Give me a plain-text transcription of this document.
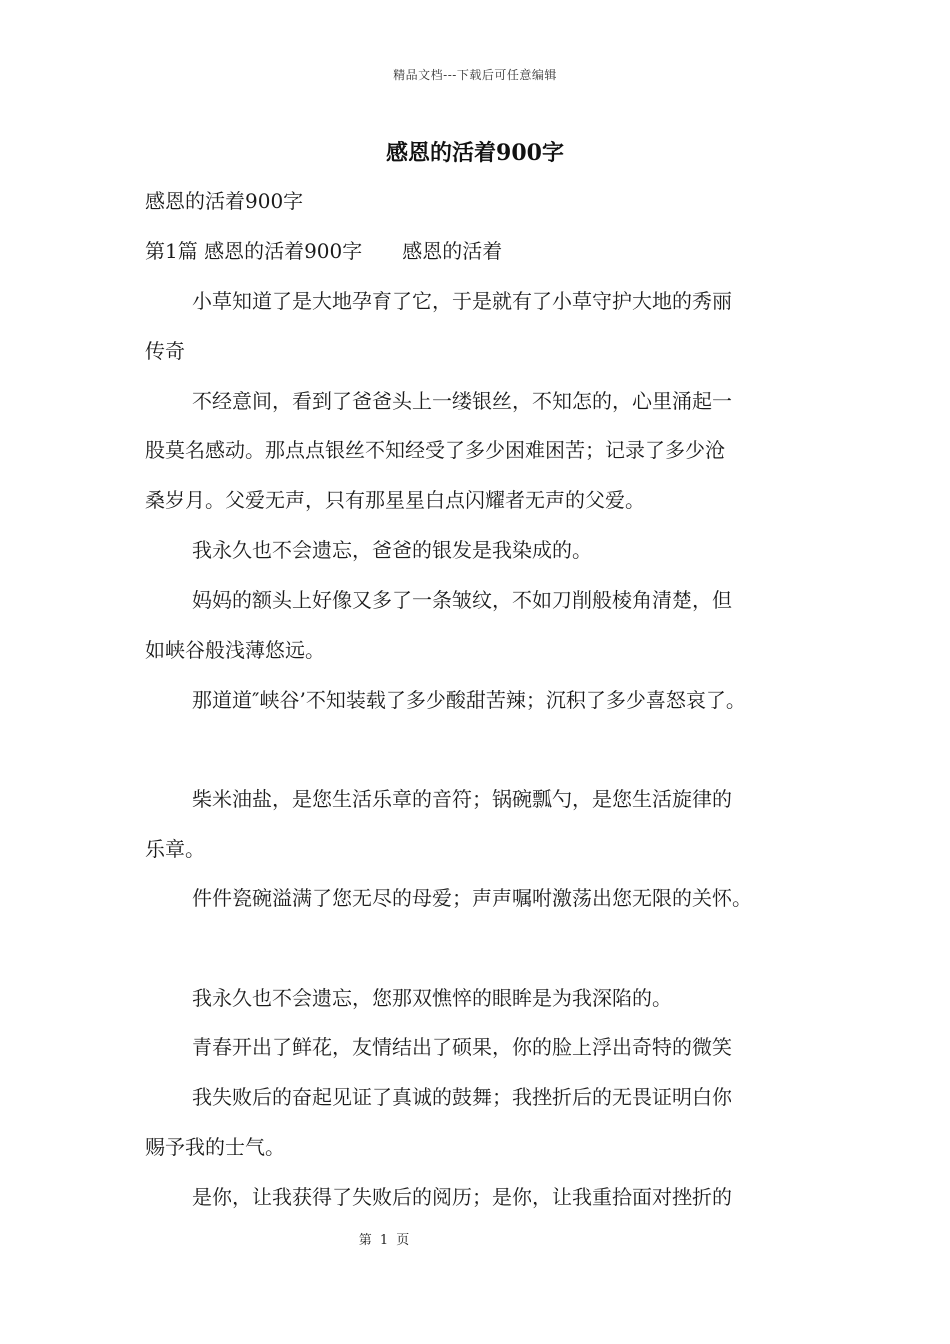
精品文档---下载后可任意编辑
感恩的活着900字
感恩的活着900字
第1篇 感恩的活着900字 感恩的活着
小草知道了是大地孕育了它，于是就有了小草守护大地的秀丽
传奇
不经意间，看到了爸爸头上一缕银丝，不知怎的，心里涌起一
股莫名感动。那点点银丝不知经受了多少困难困苦；记录了多少沧
桑岁月。父爱无声，只有那星星白点闪耀者无声的父爱。
我永久也不会遗忘，爸爸的银发是我染成的。
妈妈的额头上好像又多了一条皱纹，不如刀削般棱角清楚，但
如峡谷般浅薄悠远。
那道道″峡谷’不知装载了多少酸甜苦辣；沉积了多少喜怒哀了。
柴米油盐，是您生活乐章的音符；锅碗瓢勺，是您生活旋律的
乐章。
件件瓷碗溢满了您无尽的母爱；声声嘱咐激荡出您无限的关怀。
我永久也不会遗忘，您那双憔悴的眼眸是为我深陷的。
青春开出了鲜花，友情结出了硕果，你的脸上浮出奇特的微笑
我失败后的奋起见证了真诚的鼓舞；我挫折后的无畏证明白你
赐予我的士气。
是你，让我获得了失败后的阅历；是你，让我重拾面对挫折的
第 1 页
